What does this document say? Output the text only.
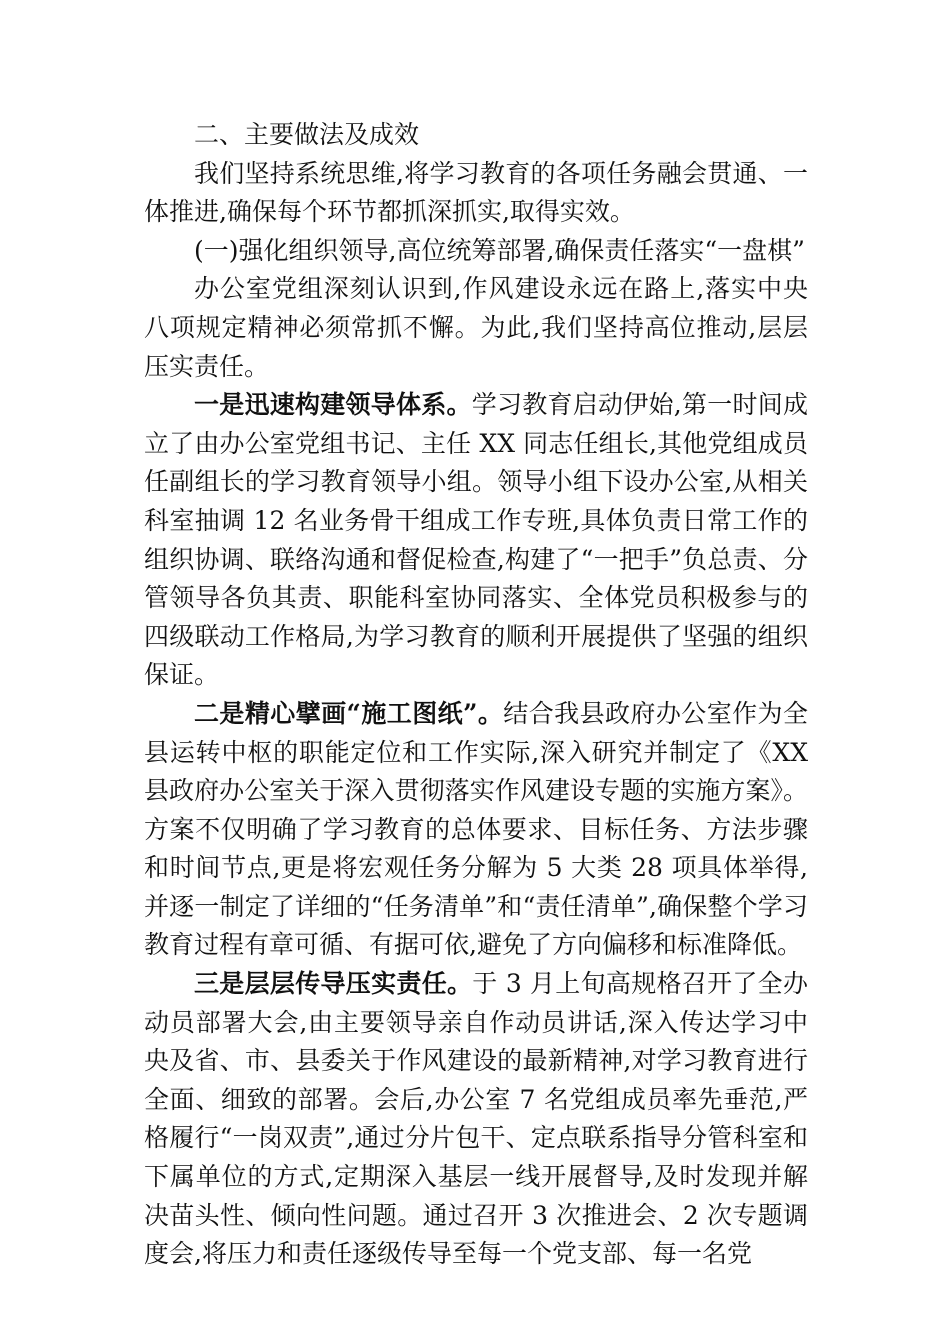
二、主要做法及成效

我们坚持系统思维,将学习教育的各项任务融会贯通、一体推进,确保每个环节都抓深抓实,取得实效。

(一)强化组织领导,高位统筹部署,确保责任落实“一盘棋”

办公室党组深刻认识到,作风建设永远在路上,落实中央八项规定精神必须常抓不懈。为此,我们坚持高位推动,层层压实责任。

一是迅速构建领导体系。学习教育启动伊始,第一时间成立了由办公室党组书记、主任 XX 同志任组长,其他党组成员任副组长的学习教育领导小组。领导小组下设办公室,从相关科室抽调 12 名业务骨干组成工作专班,具体负责日常工作的组织协调、联络沟通和督促检查,构建了“一把手”负总责、分管领导各负其责、职能科室协同落实、全体党员积极参与的四级联动工作格局,为学习教育的顺利开展提供了坚强的组织保证。

二是精心擘画“施工图纸”。结合我县政府办公室作为全县运转中枢的职能定位和工作实际,深入研究并制定了《XX 县政府办公室关于深入贯彻落实作风建设专题的实施方案》。方案不仅明确了学习教育的总体要求、目标任务、方法步骤和时间节点,更是将宏观任务分解为 5 大类 28 项具体举得,并逐一制定了详细的“任务清单”和“责任清单”,确保整个学习教育过程有章可循、有据可依,避免了方向偏移和标准降低。

三是层层传导压实责任。于 3 月上旬高规格召开了全办动员部署大会,由主要领导亲自作动员讲话,深入传达学习中央及省、市、县委关于作风建设的最新精神,对学习教育进行全面、细致的部署。会后,办公室 7 名党组成员率先垂范,严格履行“一岗双责”,通过分片包干、定点联系指导分管科室和下属单位的方式,定期深入基层一线开展督导,及时发现并解决苗头性、倾向性问题。通过召开 3 次推进会、2 次专题调度会,将压力和责任逐级传导至每一个党支部、每一名党
